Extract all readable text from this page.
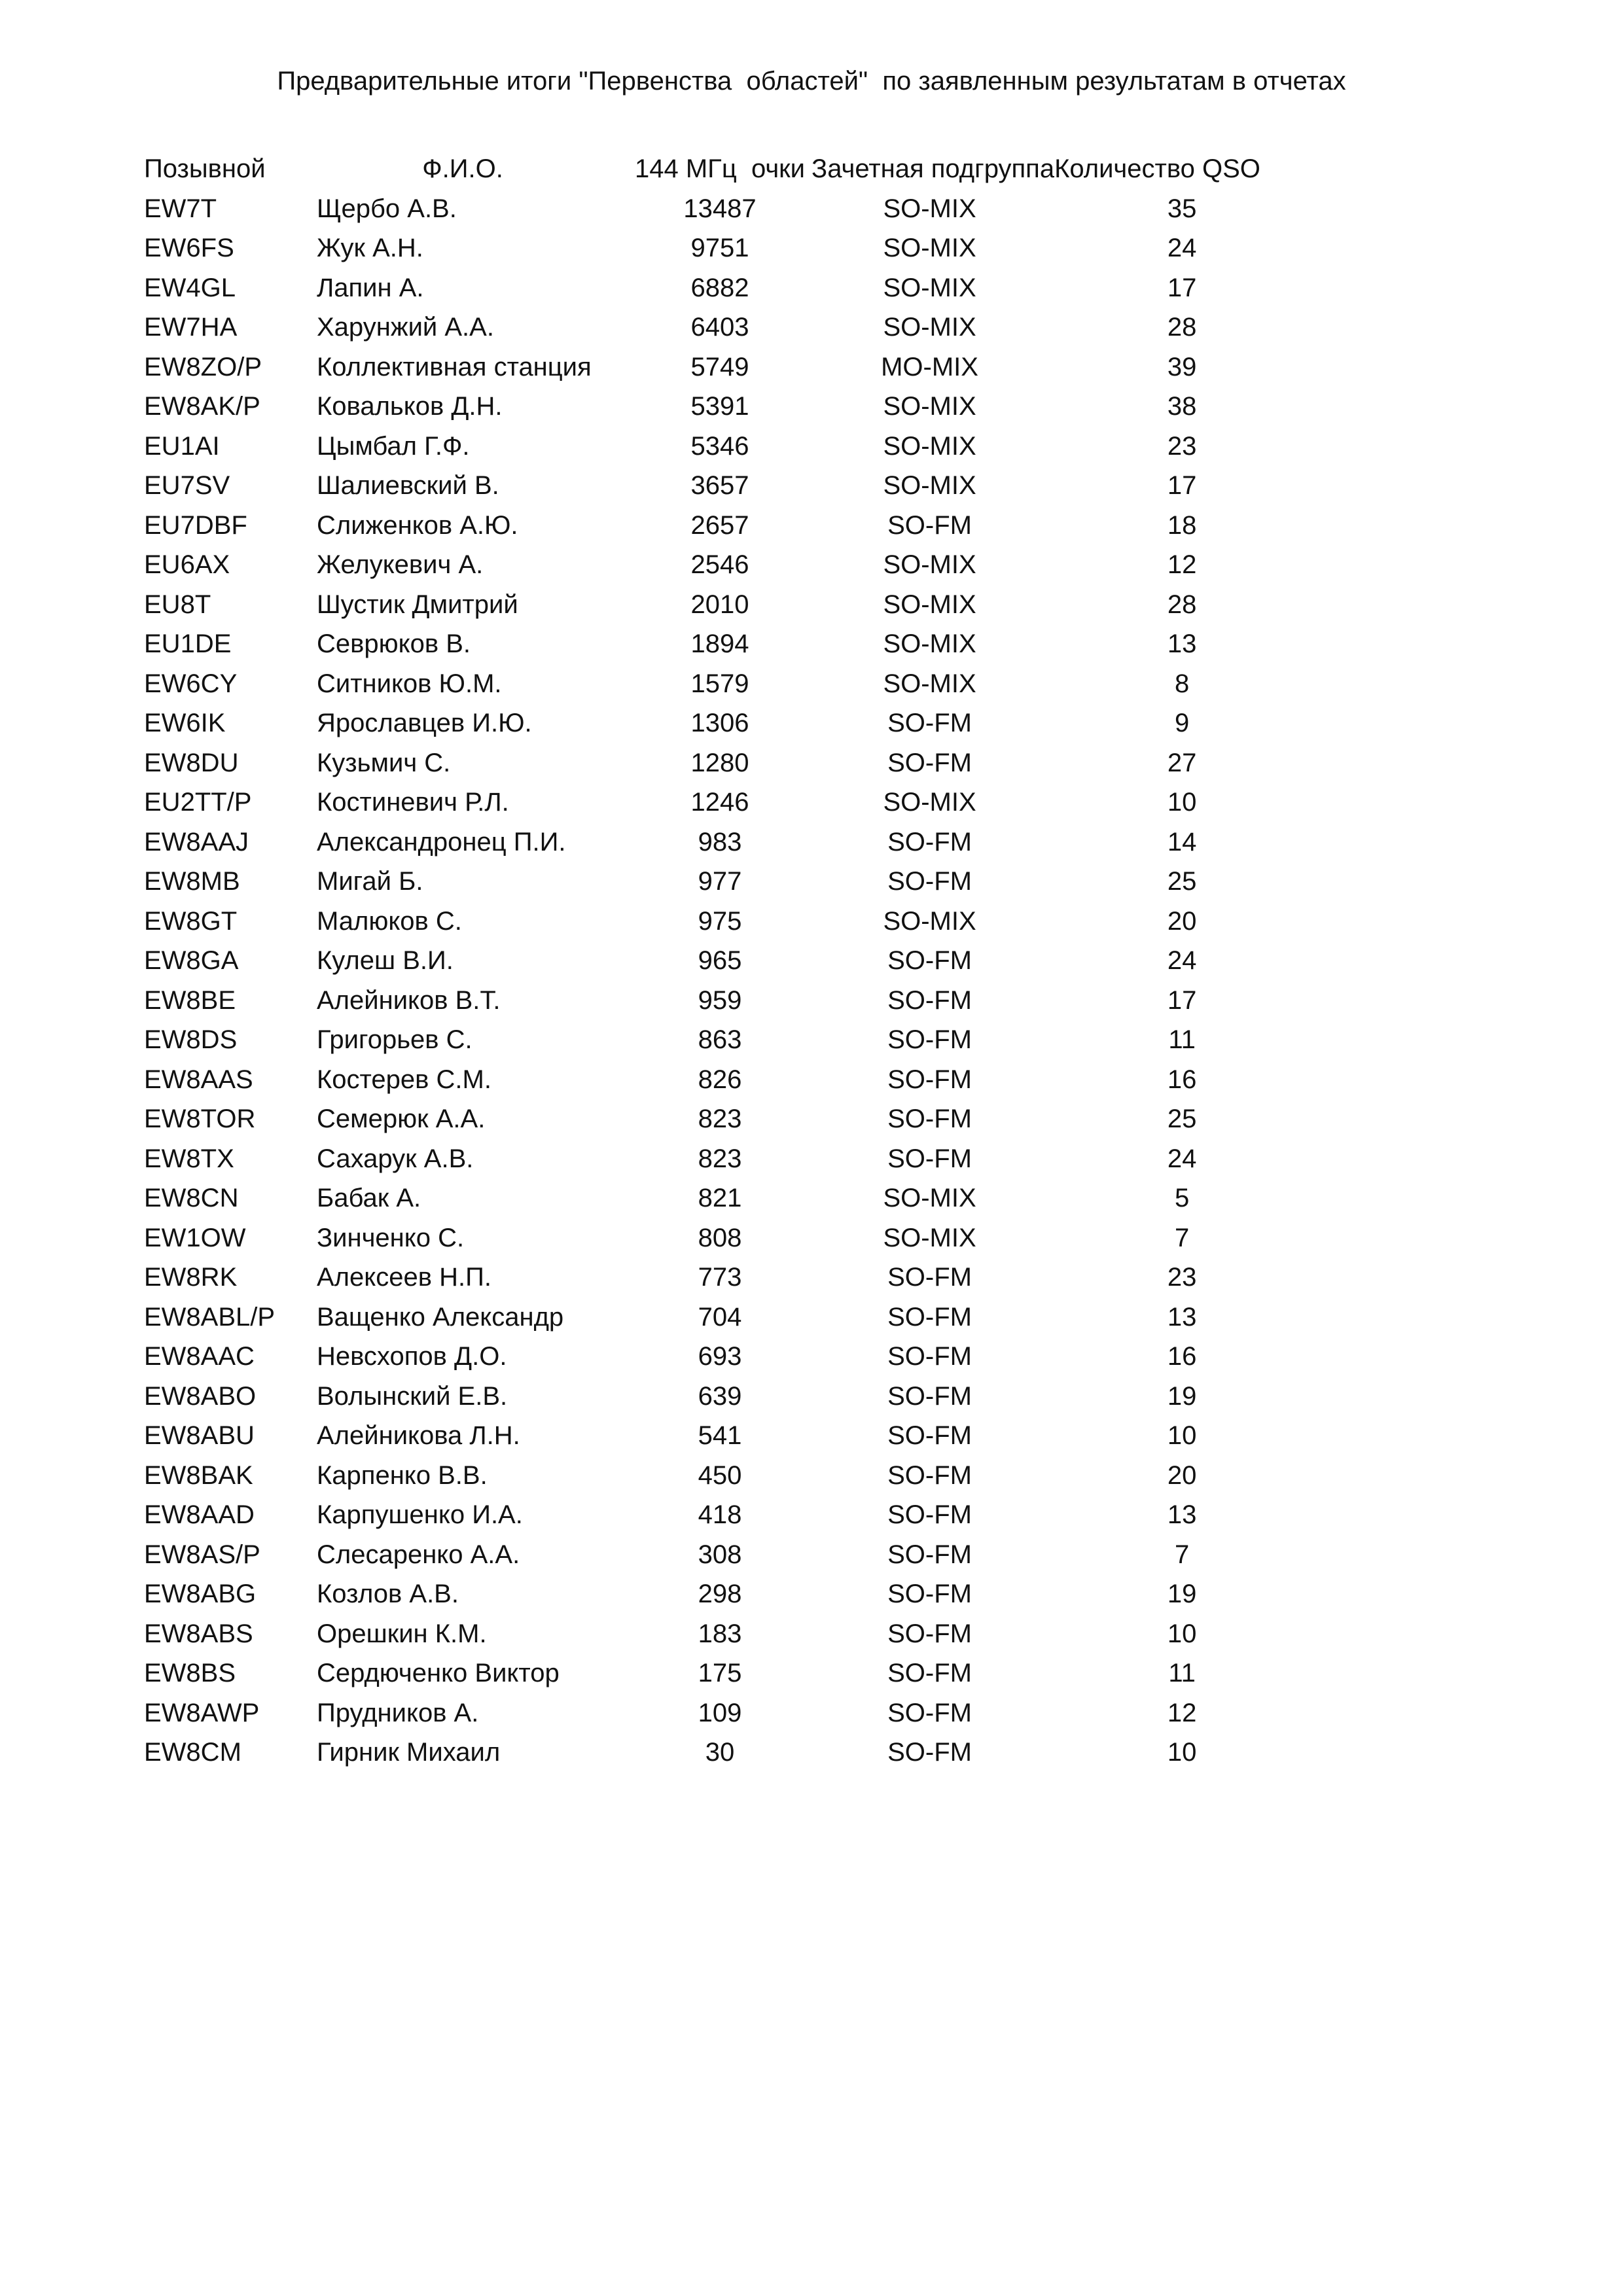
Предварительные итоги "Первенства  областей"  по заявленным результатам в отчетах
Позывной	Ф.И.О.	144 МГц  очки	Зачетная подгруппа	Количество QSO
EW7T	Щербо А.В.	13487	SO-MIX	35
EW6FS	Жук А.Н.	9751	SO-MIX	24
EW4GL	Лапин А.	6882	SO-MIX	17
EW7HA	Харунжий А.А.	6403	SO-MIX	28
EW8ZO/P	Коллективная станция	5749	MO-MIX	39
EW8AK/P	Ковальков Д.Н.	5391	SO-MIX	38
EU1AI	Цымбал Г.Ф.	5346	SO-MIX	23
EU7SV	Шалиевский В.	3657	SO-MIX	17
EU7DBF	Слиженков А.Ю.	2657	SO-FM	18
EU6AX	Желукевич А.	2546	SO-MIX	12
EU8T	Шустик Дмитрий	2010	SO-MIX	28
EU1DE	Севрюков В.	1894	SO-MIX	13
EW6CY	Ситников Ю.М.	1579	SO-MIX	8
EW6IK	Ярославцев И.Ю.	1306	SO-FM	9
EW8DU	Кузьмич С.	1280	SO-FM	27
EU2TT/P	Костиневич Р.Л.	1246	SO-MIX	10
EW8AAJ	Александронец П.И.	983	SO-FM	14
EW8MB	Мигай Б.	977	SO-FM	25
EW8GT	Малюков С.	975	SO-MIX	20
EW8GA	Кулеш В.И.	965	SO-FM	24
EW8BE	Алейников В.Т.	959	SO-FM	17
EW8DS	Григорьев С.	863	SO-FM	11
EW8AAS	Костерев С.М.	826	SO-FM	16
EW8TOR	Семерюк А.А.	823	SO-FM	25
EW8TX	Сахарук А.В.	823	SO-FM	24
EW8CN	Бабак А.	821	SO-MIX	5
EW1OW	Зинченко С.	808	SO-MIX	7
EW8RK	Алексеев Н.П.	773	SO-FM	23
EW8ABL/P	Ващенко Александр	704	SO-FM	13
EW8AAC	Невсхопов Д.О.	693	SO-FM	16
EW8ABO	Волынский Е.В.	639	SO-FM	19
EW8ABU	Алейникова Л.Н.	541	SO-FM	10
EW8BAK	Карпенко В.В.	450	SO-FM	20
EW8AAD	Карпушенко И.А.	418	SO-FM	13
EW8AS/P	Слесаренко А.А.	308	SO-FM	7
EW8ABG	Козлов А.В.	298	SO-FM	19
EW8ABS	Орешкин К.М.	183	SO-FM	10
EW8BS	Сердюченко Виктор	175	SO-FM	11
EW8AWP	Прудников А.	109	SO-FM	12
EW8CM	Гирник Михаил	30	SO-FM	10
